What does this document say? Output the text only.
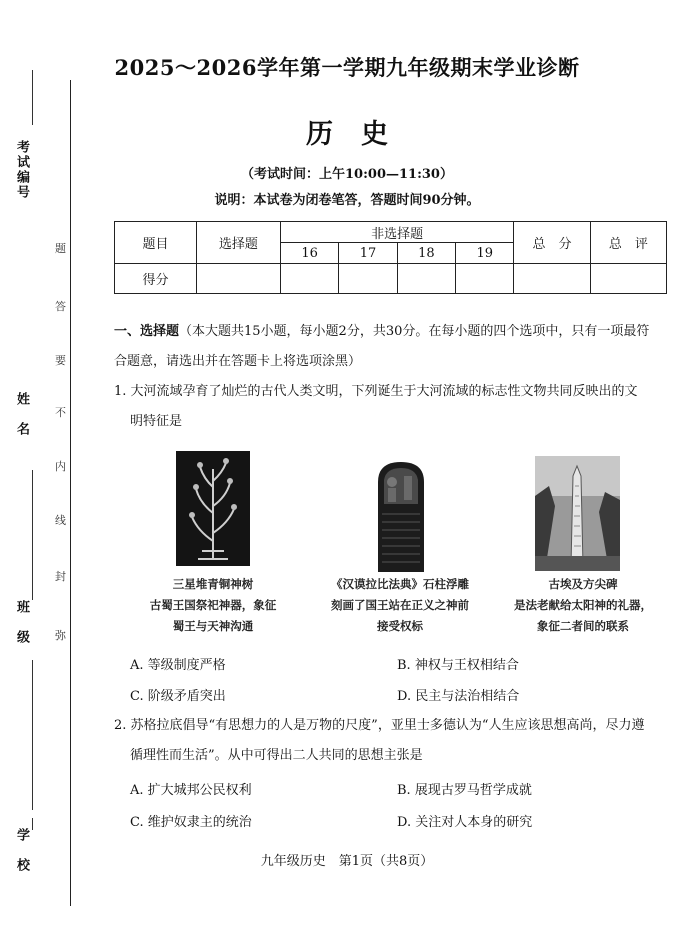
考试编号
姓　名
班　级
学　校
题
答
要
不
内
线
封
弥
2025～2026学年第一学期九年级期末学业诊断
历史
（考试时间：上午10:00—11:30）
说明：本试卷为闭卷笔答，答题时间90分钟。
题目	选择题	非选择题				总　分	总　评
		16	17	18	19		
得分							
一、选择题（本大题共15小题，每小题2分，共30分。在每小题的四个选项中，只有一项最符
合题意，请选出并在答题卡上将选项涂黑）
1. 大河流域孕育了灿烂的古代人类文明，下列诞生于大河流域的标志性文物共同反映出的文
明特征是
三星堆青铜神树
古蜀王国祭祀神器，象征
蜀王与天神沟通
《汉谟拉比法典》石柱浮雕
刻画了国王站在正义之神前
接受权标
古埃及方尖碑
是法老献给太阳神的礼器，
象征二者间的联系
A. 等级制度严格	B. 神权与王权相结合
C. 阶级矛盾突出	D. 民主与法治相结合
2. 苏格拉底倡导“有思想力的人是万物的尺度”，亚里士多德认为“人生应该思想高尚，尽力遵
循理性而生活”。从中可得出二人共同的思想主张是
A. 扩大城邦公民权利	B. 展现古罗马哲学成就
C. 维护奴隶主的统治	D. 关注对人本身的研究
九年级历史　第1页（共8页）
